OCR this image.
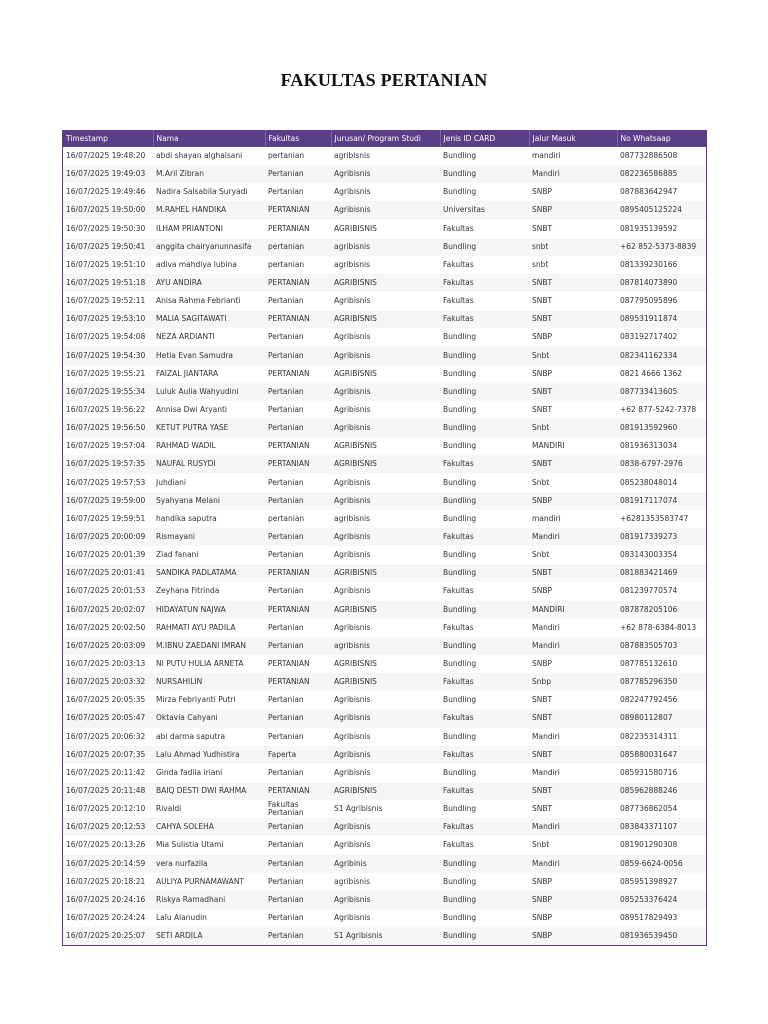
FAKULTAS PERTANIAN
Timestamp	Nama	Fakultas	Jurusan/ Program Studi	Jenis ID CARD	Jalur Masuk	No Whatsaap
16/07/2025 19:48:20	abdi shayan alghaisani	pertanian	agribisnis	Bundling	mandiri	087732886508
16/07/2025 19:49:03	M.Aril Zibran	Pertanian	Agribisnis	Bundling	Mandiri	082236586885
16/07/2025 19:49:46	Nadira Salsabila Suryadi	Pertanian	Agribisnis	Bundling	SNBP	087883642947
16/07/2025 19:50:00	M.RAHEL HANDIKA	PERTANIAN	Agribisnis	Universitas	SNBP	0895405125224
16/07/2025 19:50:30	ILHAM PRIANTONI	PERTANIAN	AGRIBISNIS	Fakultas	SNBT	081935139592
16/07/2025 19:50:41	anggita chairyanunnasifa	pertanian	agribisnis	Bundling	snbt	+62 852-5373-8839
16/07/2025 19:51:10	adiva mahdiya lubina	pertanian	agribisnis	Fakultas	snbt	081339230166
16/07/2025 19:51:18	AYU ANDIRA	PERTANIAN	AGRIBISNIS	Fakultas	SNBT	087814073890
16/07/2025 19:52:11	Anisa Rahma Febrianti	Pertanian	Agribisnis	Fakultas	SNBT	087795095896
16/07/2025 19:53:10	MALIA SAGITAWATI	PERTANIAN	AGRIBISNIS	Fakultas	SNBT	089531911874
16/07/2025 19:54:08	NEZA ARDIANTI	Pertanian	Agribisnis	Bundling	SNBP	083192717402
16/07/2025 19:54:30	Hetia Evan Samudra	Pertanian	Agribisnis	Bundling	Snbt	082341162334
16/07/2025 19:55:21	FAIZAL JIANTARA	PERTANIAN	AGRIBISNIS	Bundling	SNBP	0821 4666 1362
16/07/2025 19:55:34	Luluk Aulia Wahyudini	Pertanian	Agribisnis	Bundling	SNBT	087733413605
16/07/2025 19:56:22	Annisa Dwi Aryanti	Pertanian	Agribisnis	Bundling	SNBT	+62 877-5242-7378
16/07/2025 19:56:50	KETUT PUTRA YASE	Pertanian	Agribisnis	Bundling	Snbt	081913592960
16/07/2025 19:57:04	RAHMAD WADIL	PERTANIAN	AGRIBISNIS	Bundling	MANDIRI	081936313034
16/07/2025 19:57:35	NAUFAL RUSYDI	PERTANIAN	AGRIBISNIS	Fakultas	SNBT	0838-6797-2976
16/07/2025 19:57:53	Juhdiani	Pertanian	Agribisnis	Bundling	Snbt	085238048014
16/07/2025 19:59:00	Syahyana Melani	Pertanian	Agribisnis	Bundling	SNBP	081917117074
16/07/2025 19:59:51	handika saputra	pertanian	agribisnis	Bundling	mandiri	+6281353583747
16/07/2025 20:00:09	Rismayani	Pertanian	Agribisnis	Fakultas	Mandiri	081917339273
16/07/2025 20:01:39	Ziad fanani	Pertanian	Agribisnis	Bundling	Snbt	083143003354
16/07/2025 20:01:41	SANDIKA PADLATAMA	PERTANIAN	AGRIBISNIS	Bundling	SNBT	081883421469
16/07/2025 20:01:53	Zeyhana Fitrinda	Pertanian	Agribisnis	Fakultas	SNBP	081239770574
16/07/2025 20:02:07	HIDAYATUN NAJWA	PERTANIAN	AGRIBISNIS	Bundling	MANDIRI	087878205106
16/07/2025 20:02:50	RAHMATI AYU PADILA	Pertanian	Agribisnis	Fakultas	Mandiri	+62 878-6384-8013
16/07/2025 20:03:09	M.IBNU ZAEDANI IMRAN	Pertanian	agribisnis	Bundling	Mandiri	087883505703
16/07/2025 20:03:13	NI PUTU HULIA ARNETA	PERTANIAN	AGRIBISNIS	Bundling	SNBP	087785132610
16/07/2025 20:03:32	NURSAHILIN	PERTANIAN	AGRIBISNIS	Fakultas	Snbp	087785296350
16/07/2025 20:05:35	Mirza Febriyanti Putri	Pertanian	Agribisnis	Bundling	SNBT	082247792456
16/07/2025 20:05:47	Oktavia Cahyani	Pertanian	Agribisnis	Fakultas	SNBT	08980112807
16/07/2025 20:06:32	abi darma saputra	Pertanian	Agribisnis	Bundling	Mandiri	082235314311
16/07/2025 20:07:35	Lalu Ahmad Yudhistira	Faperta	Agribisnis	Fakultas	SNBT	085880031647
16/07/2025 20:11:42	Ginda fadila iriani	Pertanian	Agribisnis	Bundling	Mandiri	085931580716
16/07/2025 20:11:48	BAIQ DESTI DWI RAHMA	PERTANIAN	AGRIBISNIS	Fakultas	SNBT	085962888246
16/07/2025 20:12:10	Rivaldi	Fakultas Pertanian	S1 Agribisnis	Bundling	SNBT	087736862054
16/07/2025 20:12:53	CAHYA SOLEHA	Pertanian	Agribisnis	Fakultas	Mandiri	083843371107
16/07/2025 20:13:26	Mia Sulistia Utami	Pertanian	Agribisnis	Fakultas	Snbt	081901290308
16/07/2025 20:14:59	vera nurfazila	Pertanian	Agribinis	Bundling	Mandiri	0859-6624-0056
16/07/2025 20:18:21	AULIYA PURNAMAWANT	Pertanian	agribisnis	Bundling	SNBP	085951398927
16/07/2025 20:24:16	Riskya Ramadhani	Pertanian	Agribisnis	Bundling	SNBP	085253376424
16/07/2025 20:24:24	Lalu Alanudin	Pertanian	Agribisnis	Bundling	SNBP	089517829493
16/07/2025 20:25:07	SETI ARDILA	Pertanian	S1 Agribisnis	Bundling	SNBP	081936539450
